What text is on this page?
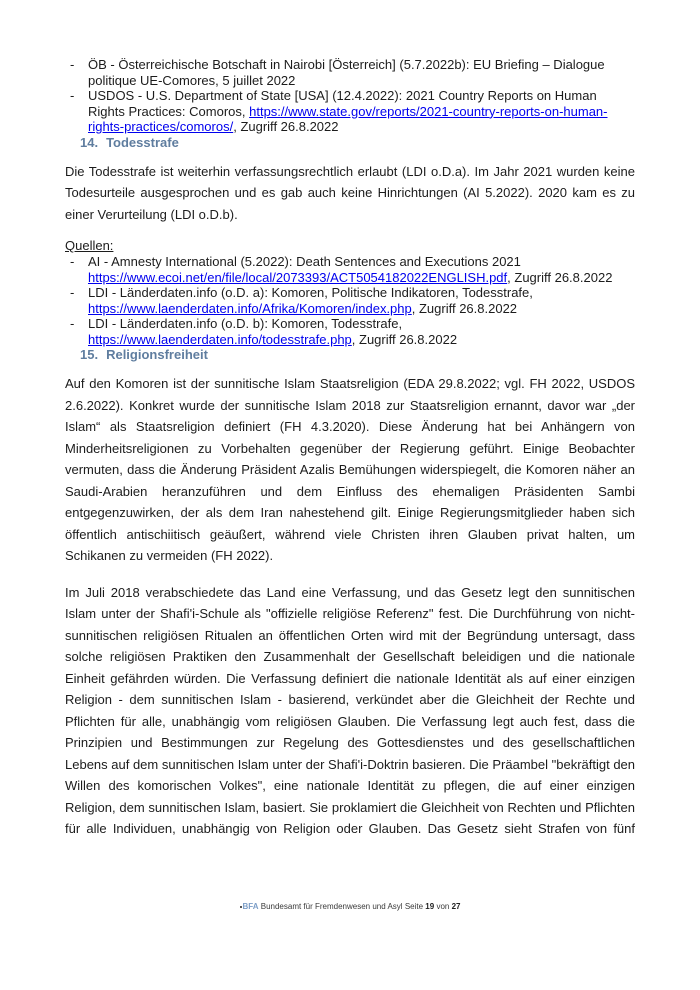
- ÖB - Österreichische Botschaft in Nairobi [Österreich] (5.7.2022b): EU Briefing – Dialogue politique UE-Comores, 5 juillet 2022
- USDOS - U.S. Department of State [USA] (12.4.2022): 2021 Country Reports on Human Rights Practices: Comoros, https://www.state.gov/reports/2021-country-reports-on-human-rights-practices/comoros/, Zugriff 26.8.2022
14. Todesstrafe

Die Todesstrafe ist weiterhin verfassungsrechtlich erlaubt (LDI o.D.a). Im Jahr 2021 wurden keine Todesurteile ausgesprochen und es gab auch keine Hinrichtungen (AI 5.2022). 2020 kam es zu einer Verurteilung (LDI o.D.b).

Quellen:
- AI - Amnesty International (5.2022): Death Sentences and Executions 2021 https://www.ecoi.net/en/file/local/2073393/ACT5054182022ENGLISH.pdf, Zugriff 26.8.2022
- LDI - Länderdaten.info (o.D. a): Komoren, Politische Indikatoren, Todesstrafe, https://www.laenderdaten.info/Afrika/Komoren/index.php, Zugriff 26.8.2022
- LDI - Länderdaten.info (o.D. b): Komoren, Todesstrafe, https://www.laenderdaten.info/todesstrafe.php, Zugriff 26.8.2022
15. Religionsfreiheit

Auf den Komoren ist der sunnitische Islam Staatsreligion (EDA 29.8.2022; vgl. FH 2022, USDOS 2.6.2022). Konkret wurde der sunnitische Islam 2018 zur Staatsreligion ernannt, davor war „der Islam“ als Staatsreligion definiert (FH 4.3.2020). Diese Änderung hat bei Anhängern von Minderheitsreligionen zu Vorbehalten gegenüber der Regierung geführt. Einige Beobachter vermuten, dass die Änderung Präsident Azalis Bemühungen widerspiegelt, die Komoren näher an Saudi-Arabien heranzuführen und dem Einfluss des ehemaligen Präsidenten Sambi entgegenzuwirken, der als dem Iran nahestehend gilt. Einige Regierungsmitglieder haben sich öffentlich antischiitisch geäußert, während viele Christen ihren Glauben privat halten, um Schikanen zu vermeiden (FH 2022).

Im Juli 2018 verabschiedete das Land eine Verfassung, und das Gesetz legt den sunnitischen Islam unter der Shafi'i-Schule als "offizielle religiöse Referenz" fest. Die Durchführung von nicht-sunnitischen religiösen Ritualen an öffentlichen Orten wird mit der Begründung untersagt, dass solche religiösen Praktiken den Zusammenhalt der Gesellschaft beleidigen und die nationale Einheit gefährden würden. Die Verfassung definiert die nationale Identität als auf einer einzigen Religion - dem sunnitischen Islam - basierend, verkündet aber die Gleichheit der Rechte und Pflichten für alle, unabhängig vom religiösen Glauben. Die Verfassung legt auch fest, dass die Prinzipien und Bestimmungen zur Regelung des Gottesdienstes und des gesellschaftlichen Lebens auf dem sunnitischen Islam unter der Shafi'i-Doktrin basieren. Die Präambel "bekräftigt den Willen des komorischen Volkes", eine nationale Identität zu pflegen, die auf einer einzigen Religion, dem sunnitischen Islam, basiert. Sie proklamiert die Gleichheit von Rechten und Pflichten für alle Individuen, unabhängig von Religion oder Glauben. Das Gesetz sieht Strafen von fünf

BFA Bundesamt für Fremdenwesen und Asyl Seite 19 von 27
